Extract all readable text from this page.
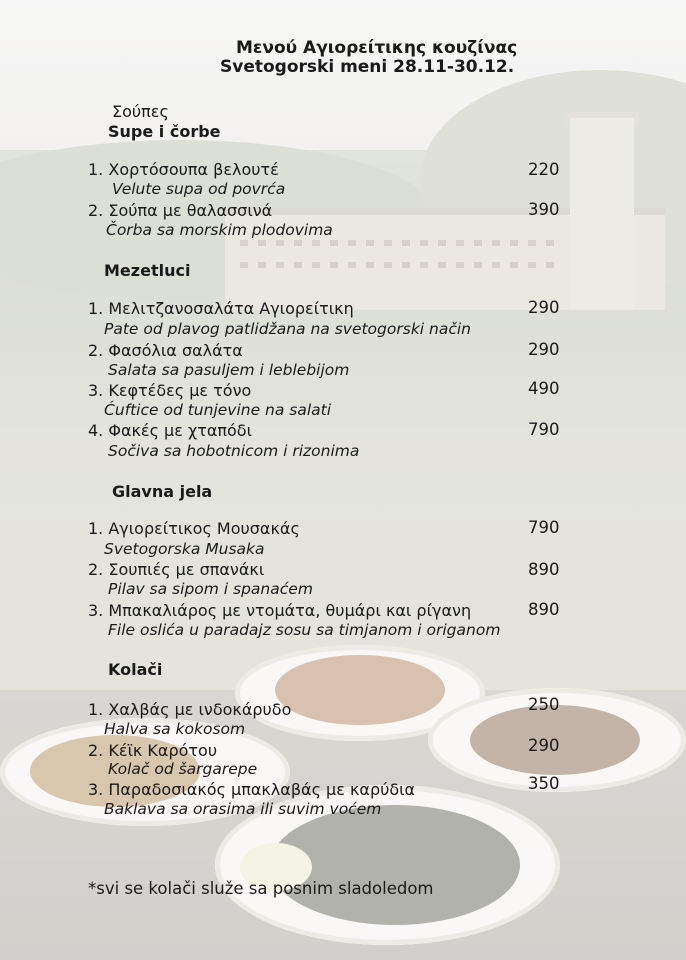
Μενού Αγιορείτικης κουζίνας
Svetogorski meni 28.11-30.12.
Σούπες
Supe i čorbe
1. Χορτόσουπα βελουτέ	220
Velute supa od povrća
2. Σούπα με θαλασσινά	390
Čorba sa morskim plodovima
Mezetluci
1. Μελιτζανοσαλάτα Αγιορείτικη	290
Pate od plavog patlidžana na svetogorski način
2. Φασόλια σαλάτα	290
Salata sa pasuljem i leblebijom
3. Κεφτέδες με τόνο	490
Ćuftice od tunjevine na salati
4. Φακές με χταπόδι	790
Sočiva sa hobotnicom i rizonima
Glavna jela
1. Αγιορείτικος Μουσακάς	790
Svetogorska Musaka
2. Σουπιές με σπανάκι	890
Pilav sa sipom i spanaćem
3. Μπακαλιάρος με ντομάτα, θυμάρι και ρίγανη	890
File oslića u paradajz sosu sa timjanom i origanom
Kolači
1. Χαλβάς με ινδοκάρυδο	250
Halva sa kokosom
2. Κέϊκ Καρότου	290
Kolač od šargarepe
3. Παραδοσιακός μπακλαβάς με καρύδια	350
Baklava sa orasima ili suvim voćem
*svi se kolači služe sa posnim sladoledom
